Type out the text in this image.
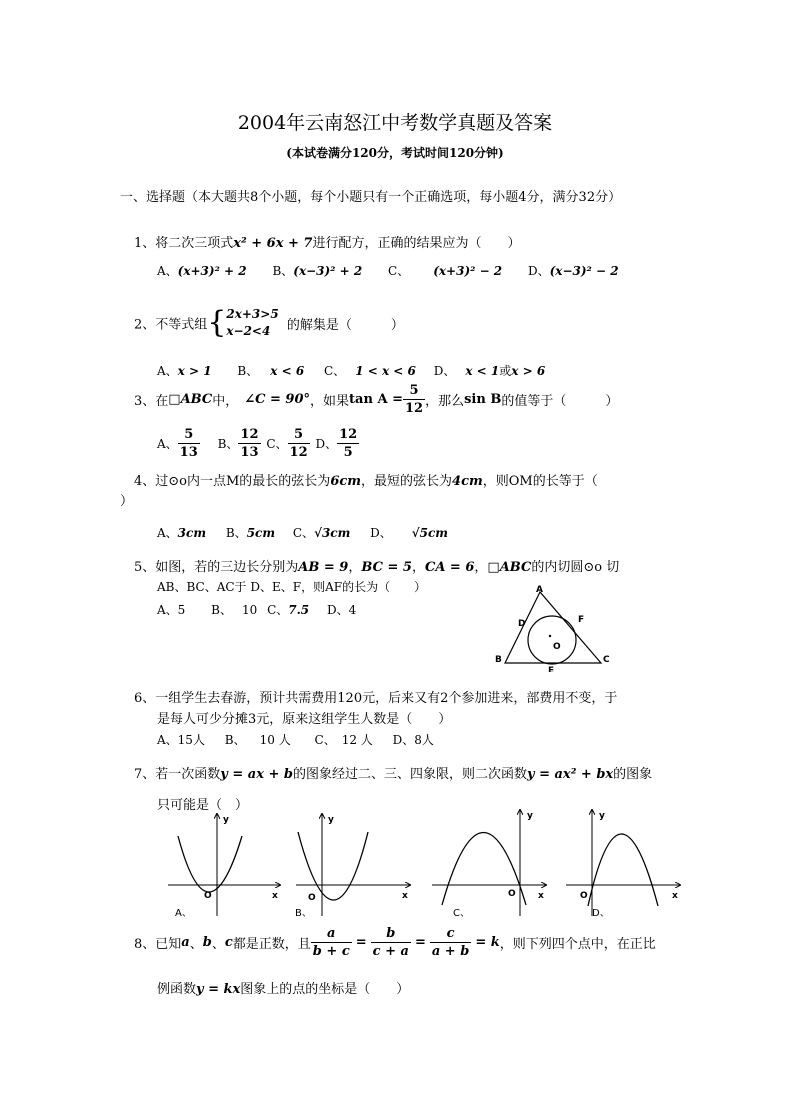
2004年云南怒江中考数学真题及答案
(本试卷满分120分，考试时间120分钟)
一、选择题（本大题共8个小题，每个小题只有一个正确选项，每小题4分，满分32分）
1、将二次三项式x² + 6x + 7进行配方，正确的结果应为（　　）
A、(x+3)² + 2 B、(x−3)² + 2 C、 (x+3)² − 2 D、(x−3)² − 2
2、不等式组{ 2x+3>5
x−2<4	的解集是（　　　）
A、x > 1 B、 x < 6 C、 1 < x < 6 D、 x < 1或x > 6
3、在□ABC中， ∠C = 90°，如果$\tan A = \frac{5}{12}$ ，那么sin B的值等于（　　　）
A、 $\frac{5}{13}$ B、 $\frac{12}{13}$ C、 $\frac{5}{12}$ D、 $\frac{12}{5}$
4、过⊙o内一点M的最长的弦长为6cm，最短的弦长为4cm，则OM的长等于（
）
A、3cm B、5cm C、√3cm D、 √5cm
5、如图，若的三边长分别为AB = 9，BC = 5，CA = 6，□ABC的内切圆⊙o 切
AB、BC、AC于 D、E、F，则AF的长为（　　）
A、5 B、 10 C、7.5 D、4
A
B	C
D
E
F
O
6、一组学生去春游，预计共需费用120元，后来又有2个参加进来，部费用不变，于
是每人可少分摊3元，原来这组学生人数是（　　）
A、15人 B、 10 人 C、 12 人 D、8人
7、若一次函数y = ax + b的图象经过二、三、四象限，则二次函数y = ax² + bx的图象
只可能是（　）
x
y
O
A、
x
y
O
B、
x
y
O
C、
x
y
O
D、
8、已知a、b、c都是正数，且 $\frac{a}{b + c} = \frac{b}{c + a} = \frac{c}{a + b} = k$，则下列四个点中，在正比
例函数y = kx图象上的点的坐标是（　　）
